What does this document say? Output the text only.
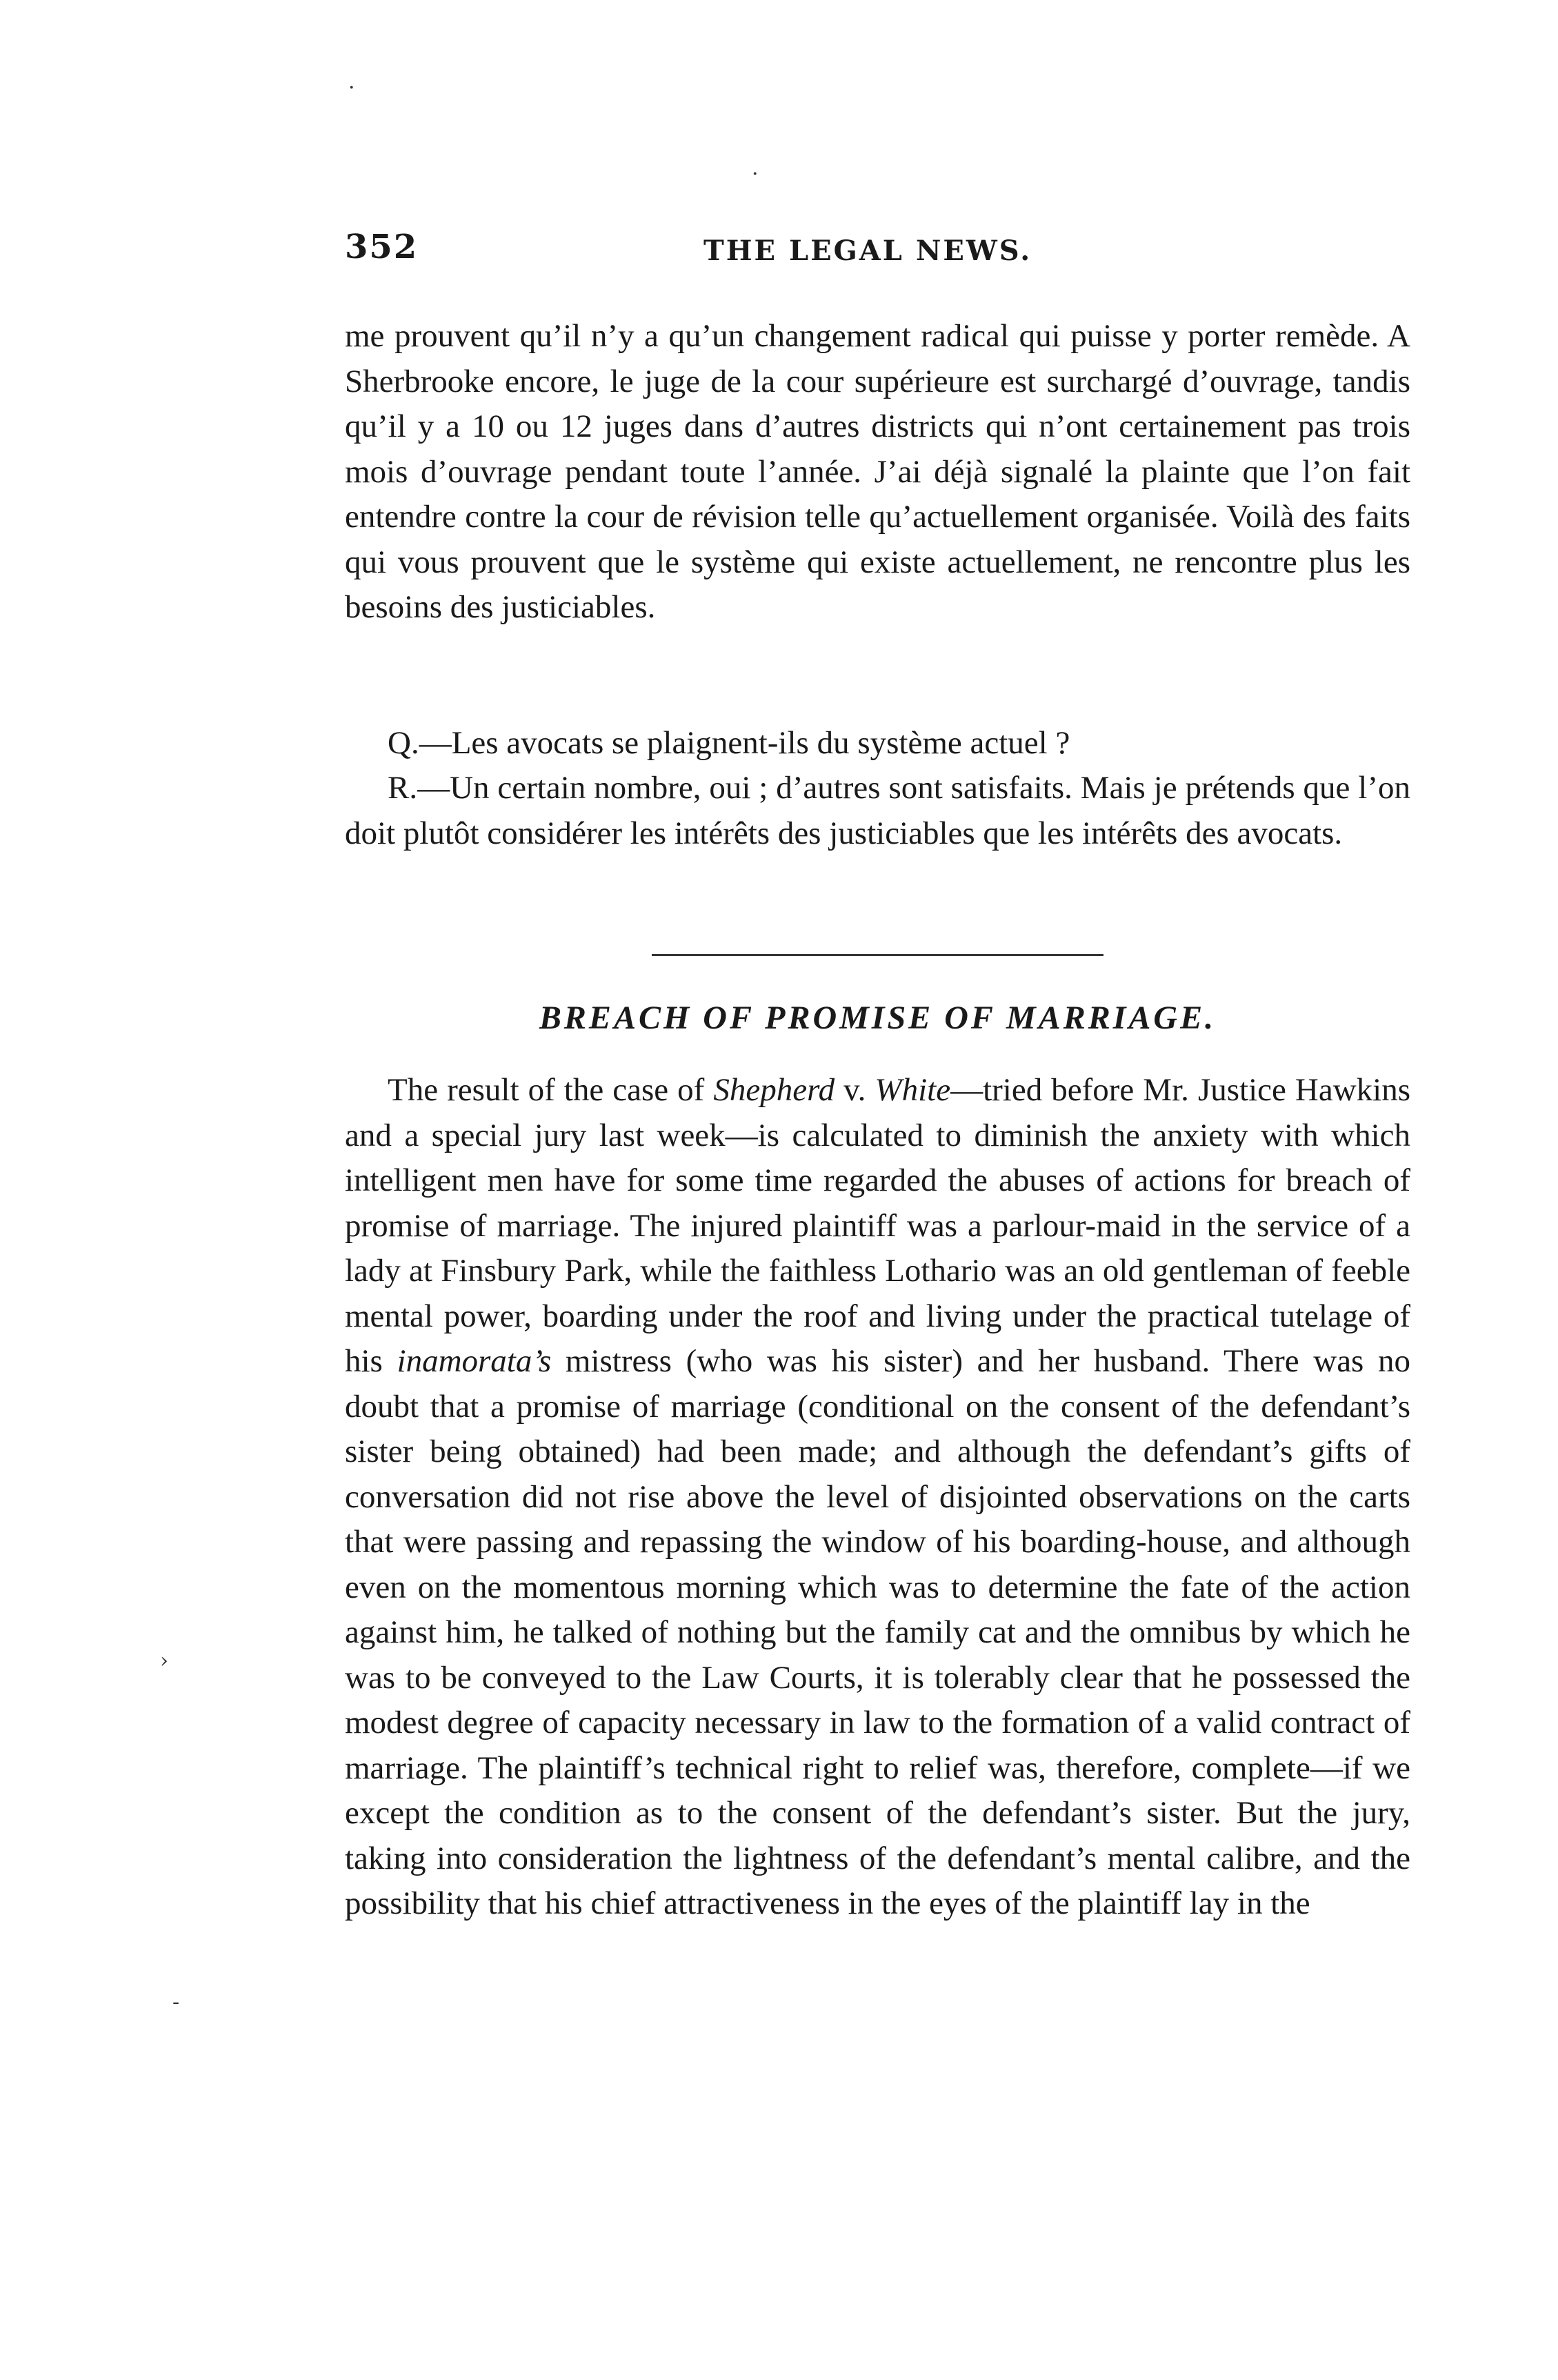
·
·
›
‐
352	THE LEGAL NEWS.

me prouvent qu’il n’y a qu’un changement radical qui puisse y porter remède. A Sherbrooke encore, le juge de la cour supérieure est surchargé d’ouvrage, tandis qu’il y a 10 ou 12 juges dans d’autres districts qui n’ont certainement pas trois mois d’ouvrage pendant toute l’année. J’ai déjà signalé la plainte que l’on fait entendre contre la cour de révision telle qu’actuellement organisée. Voilà des faits qui vous prouvent que le système qui existe actuellement, ne rencontre plus les besoins des justiciables.

Q.—Les avocats se plaignent-ils du système actuel ?

R.—Un certain nombre, oui ; d’autres sont satisfaits. Mais je prétends que l’on doit plutôt considérer les intérêts des justiciables que les intérêts des avocats.

BREACH OF PROMISE OF MARRIAGE.

The result of the case of Shepherd v. White—tried before Mr. Justice Hawkins and a special jury last week—is calculated to diminish the anxiety with which intelligent men have for some time regarded the abuses of actions for breach of promise of marriage. The injured plaintiff was a parlour-maid in the service of a lady at Finsbury Park, while the faithless Lothario was an old gentleman of feeble mental power, boarding under the roof and living under the practical tutelage of his inamorata’s mistress (who was his sister) and her husband. There was no doubt that a promise of marriage (conditional on the consent of the defendant’s sister being obtained) had been made; and although the defendant’s gifts of conversation did not rise above the level of disjointed observations on the carts that were passing and repassing the window of his boarding-house, and although even on the momentous morning which was to determine the fate of the action against him, he talked of nothing but the family cat and the omnibus by which he was to be conveyed to the Law Courts, it is tolerably clear that he possessed the modest degree of capacity necessary in law to the formation of a valid contract of marriage. The plaintiff’s technical right to relief was, therefore, complete—if we except the condition as to the consent of the defendant’s sister. But the jury, taking into consideration the lightness of the defendant’s mental calibre, and the possibility that his chief attractiveness in the eyes of the plaintiff lay in the
